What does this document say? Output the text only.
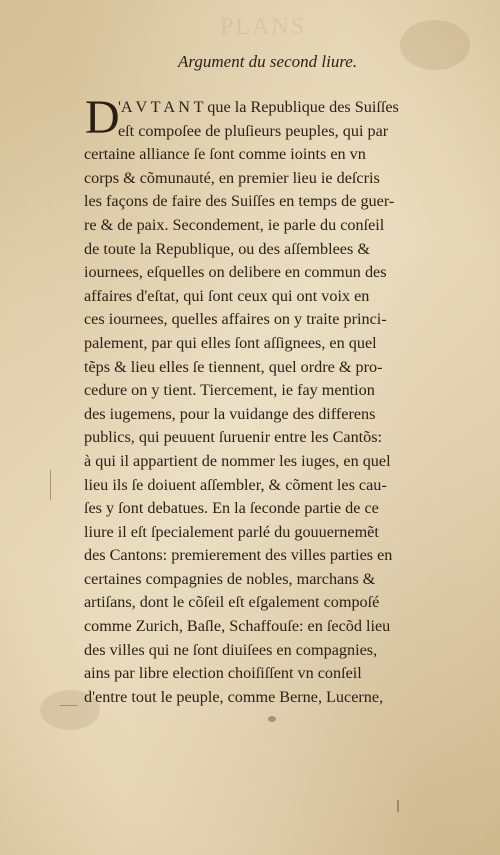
PLANS
Argument du second liure.
D
'A V T A N T que la Republique des Suiſſes
eſt compoſee de pluſieurs peuples, qui par
certaine alliance ſe ſont comme ioints en vn
corps & cõmunauté, en premier lieu ie deſcris
les façons de faire des Suiſſes en temps de guer-
re & de paix. Secondement, ie parle du conſeil
de toute la Republique, ou des aſſemblees &
iournees, eſquelles on delibere en commun des
affaires d'eſtat, qui ſont ceux qui ont voix en
ces iournees, quelles affaires on y traite princi-
palement, par qui elles ſont aſſignees, en quel
tẽps & lieu elles ſe tiennent, quel ordre & pro-
cedure on y tient. Tiercement, ie fay mention
des iugemens, pour la vuidange des differens
publics, qui peuuent ſuruenir entre les Cantõs:
à qui il appartient de nommer les iuges, en quel
lieu ils ſe doiuent aſſembler, & cõment les cau-
ſes y ſont debatues. En la ſeconde partie de ce
liure il eſt ſpecialement parlé du gouuernemẽt
des Cantons: premierement des villes parties en
certaines compagnies de nobles, marchans &
artiſans, dont le cõſeil eſt eſgalement compoſé
comme Zurich, Baſle, Schaffouſe: en ſecõd lieu
des villes qui ne ſont diuiſees en compagnies,
ains par libre election choiſiſſent vn conſeil
d'entre tout le peuple, comme Berne, Lucerne,
